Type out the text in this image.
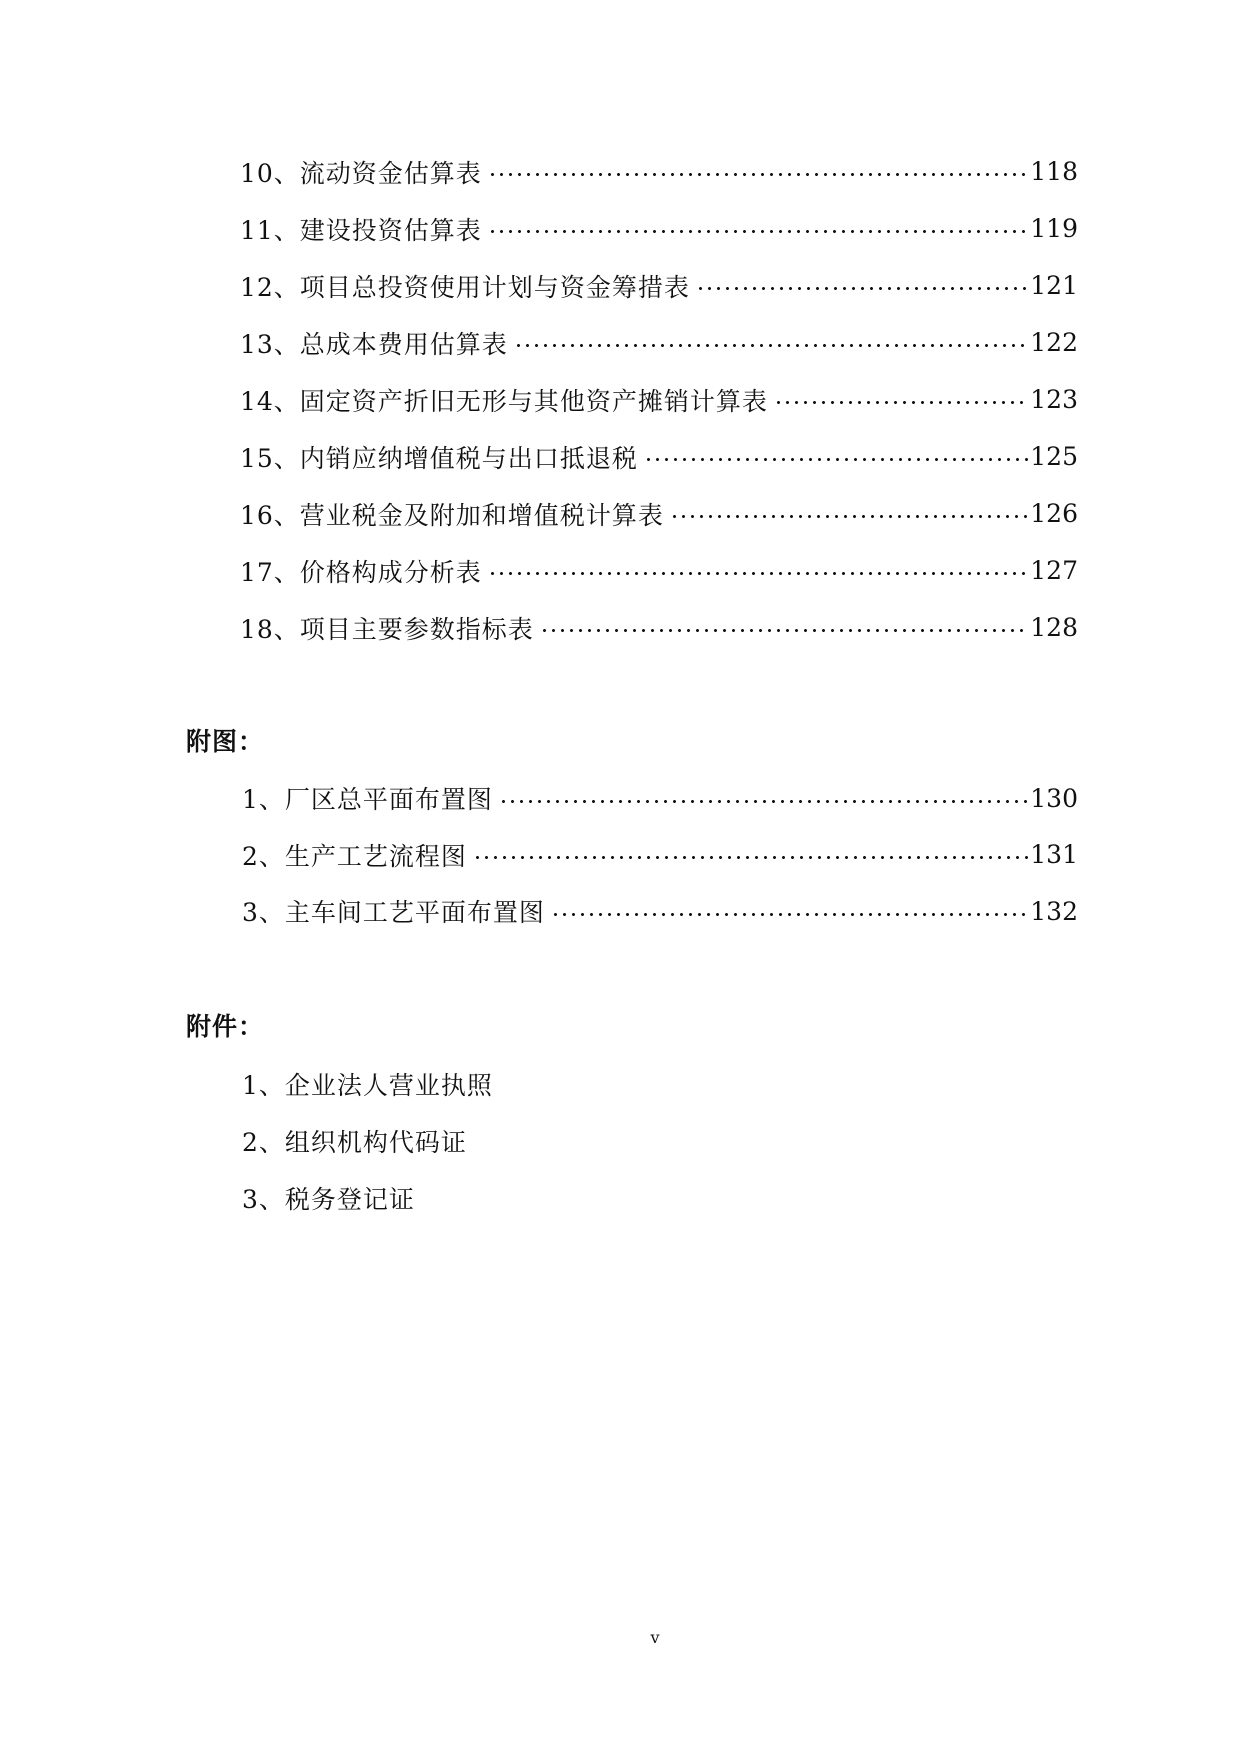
10、流动资金估算表	118
11、建设投资估算表	119
12、项目总投资使用计划与资金筹措表	121
13、总成本费用估算表	122
14、固定资产折旧无形与其他资产摊销计算表	123
15、内销应纳增值税与出口抵退税	125
16、营业税金及附加和增值税计算表	126
17、价格构成分析表	127
18、项目主要参数指标表	128
附图：
1、厂区总平面布置图	130
2、生产工艺流程图	131
3、主车间工艺平面布置图	132
附件：
1、企业法人营业执照
2、组织机构代码证
3、税务登记证
v
